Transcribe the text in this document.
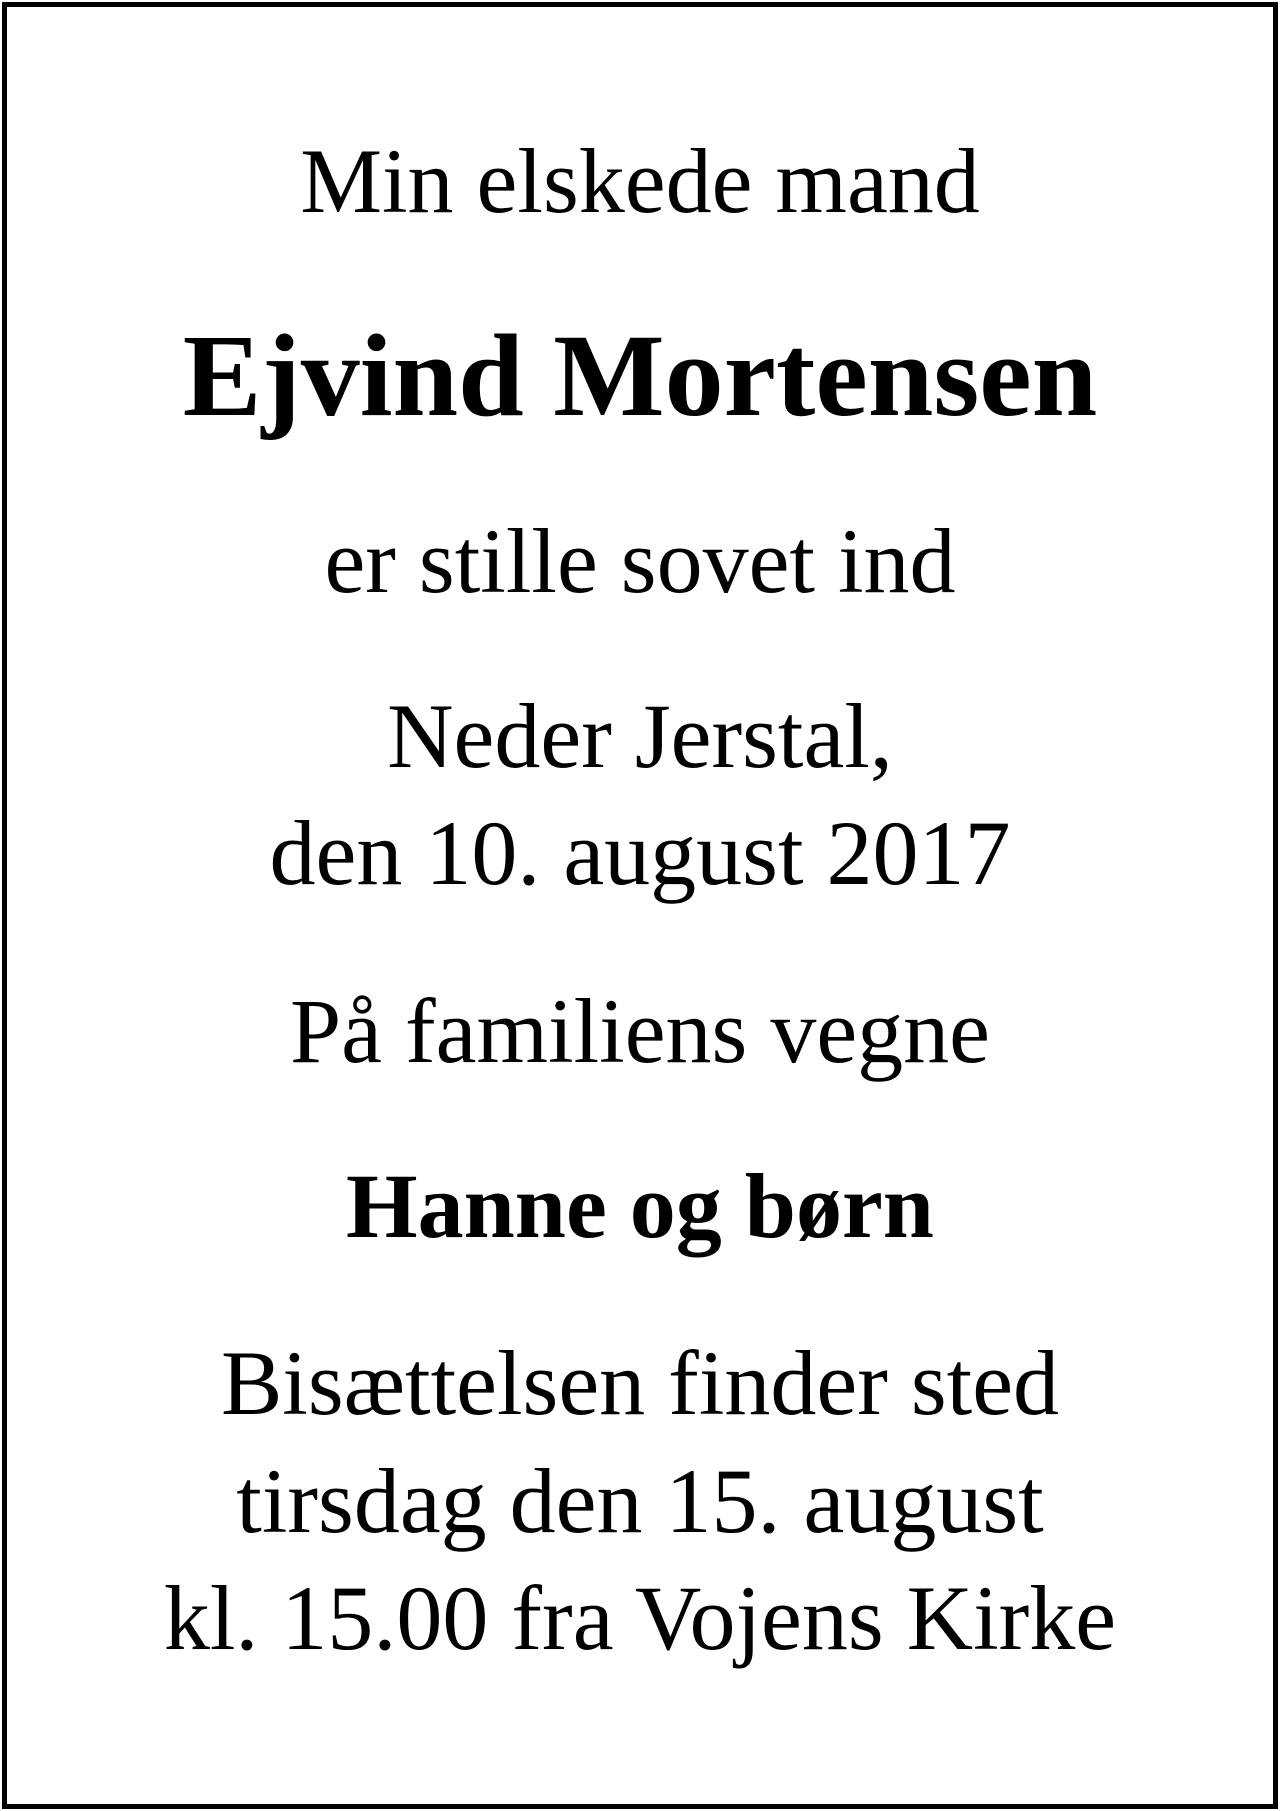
Min elskede mand
Ejvind Mortensen
er stille sovet ind
Neder Jerstal,
den 10. august 2017
På familiens vegne
Hanne og børn
Bisættelsen finder sted
tirsdag den 15. august
kl. 15.00 fra Vojens Kirke
